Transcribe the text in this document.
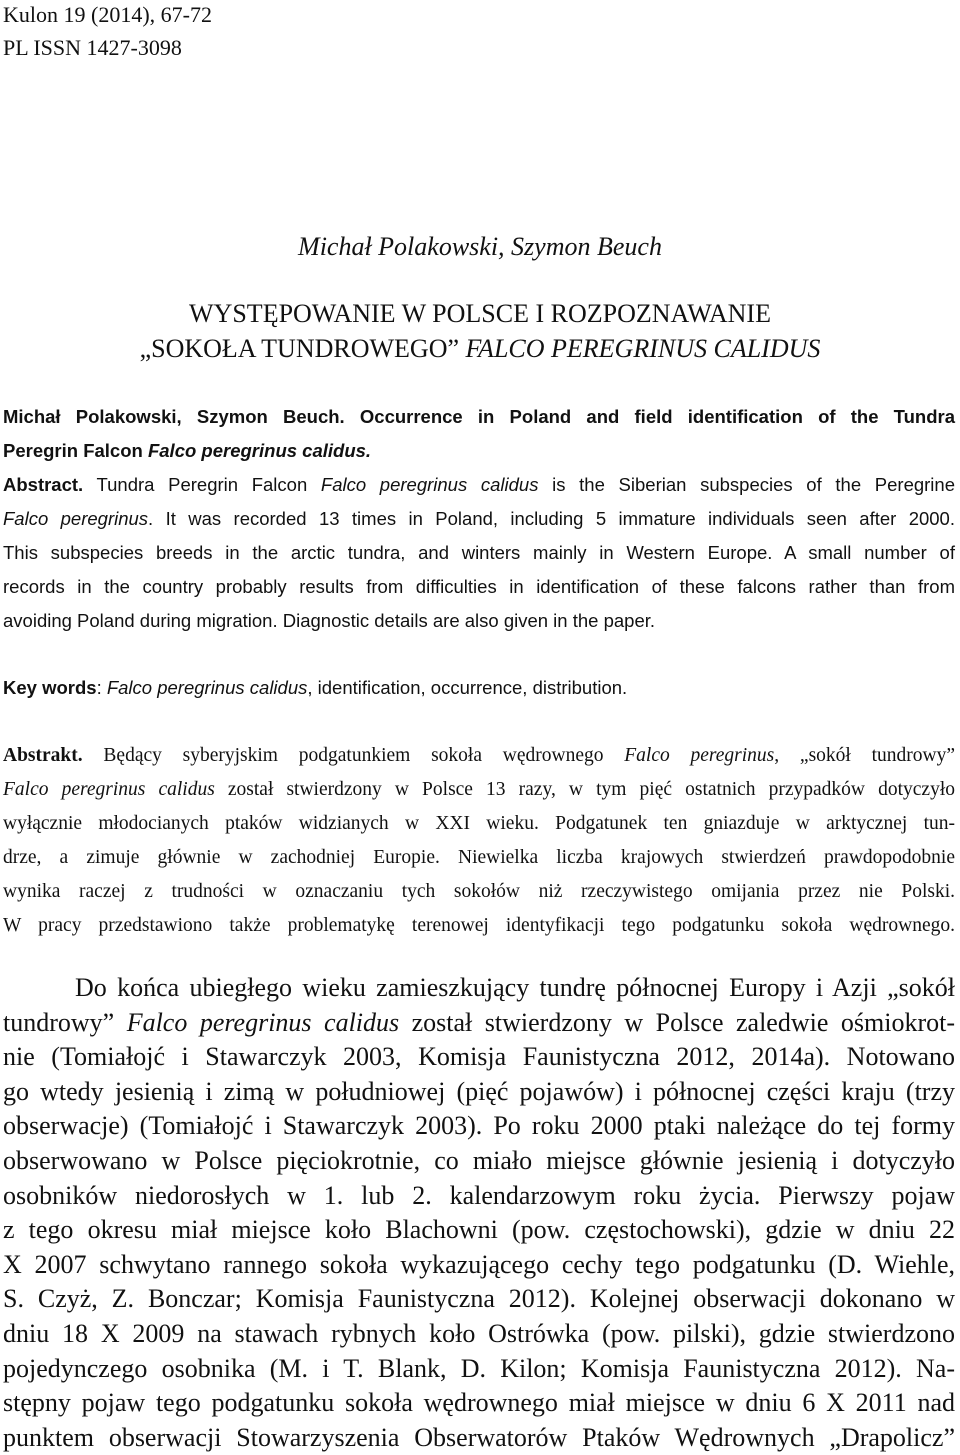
Kulon 19 (2014), 67-72
PL ISSN 1427-3098
Michał Polakowski, Szymon Beuch
WYSTĘPOWANIE W POLSCE I ROZPOZNAWANIE
„SOKOŁA TUNDROWEGO” FALCO PEREGRINUS CALIDUS
Michał Polakowski, Szymon Beuch. Occurrence in Poland and field identification of the Tundra
Peregrin Falcon Falco peregrinus calidus.
Abstract. Tundra Peregrin Falcon Falco peregrinus calidus is the Siberian subspecies of the Peregrine
Falco peregrinus. It was recorded 13 times in Poland, including 5 immature individuals seen after 2000.
This subspecies breeds in the arctic tundra, and winters mainly in Western Europe. A small number of
records in the country probably results from difficulties in identification of these falcons rather than from
avoiding Poland during migration. Diagnostic details are also given in the paper.
Key words: Falco peregrinus calidus, identification, occurrence, distribution.
Abstrakt. Będący syberyjskim podgatunkiem sokoła wędrownego Falco peregrinus, „sokół tundrowy”
Falco peregrinus calidus został stwierdzony w Polsce 13 razy, w tym pięć ostatnich przypadków dotyczyło
wyłącznie młodocianych ptaków widzianych w XXI wieku. Podgatunek ten gniazduje w arktycznej tun-
drze, a zimuje głównie w zachodniej Europie. Niewielka liczba krajowych stwierdzeń prawdopodobnie
wynika raczej z trudności w oznaczaniu tych sokołów niż rzeczywistego omijania przez nie Polski.
W pracy przedstawiono także problematykę terenowej identyfikacji tego podgatunku sokoła wędrownego.
Do końca ubiegłego wieku zamieszkujący tundrę północnej Europy i Azji „sokół
tundrowy” Falco peregrinus calidus został stwierdzony w Polsce zaledwie ośmiokrot-
nie (Tomiałojć i Stawarczyk 2003, Komisja Faunistyczna 2012, 2014a). Notowano
go wtedy jesienią i zimą w południowej (pięć pojawów) i północnej części kraju (trzy
obserwacje) (Tomiałojć i Stawarczyk 2003). Po roku 2000 ptaki należące do tej formy
obserwowano w Polsce pięciokrotnie, co miało miejsce głównie jesienią i dotyczyło
osobników niedorosłych w 1. lub 2. kalendarzowym roku życia. Pierwszy pojaw
z tego okresu miał miejsce koło Blachowni (pow. częstochowski), gdzie w dniu 22
X 2007 schwytano rannego sokoła wykazującego cechy tego podgatunku (D. Wiehle,
S. Czyż, Z. Bonczar; Komisja Faunistyczna 2012). Kolejnej obserwacji dokonano w
dniu 18 X 2009 na stawach rybnych koło Ostrówka (pow. pilski), gdzie stwierdzono
pojedynczego osobnika (M. i T. Blank, D. Kilon; Komisja Faunistyczna 2012). Na-
stępny pojaw tego podgatunku sokoła wędrownego miał miejsce w dniu 6 X 2011 nad
punktem obserwacji Stowarzyszenia Obserwatorów Ptaków Wędrownych „Drapolicz”
